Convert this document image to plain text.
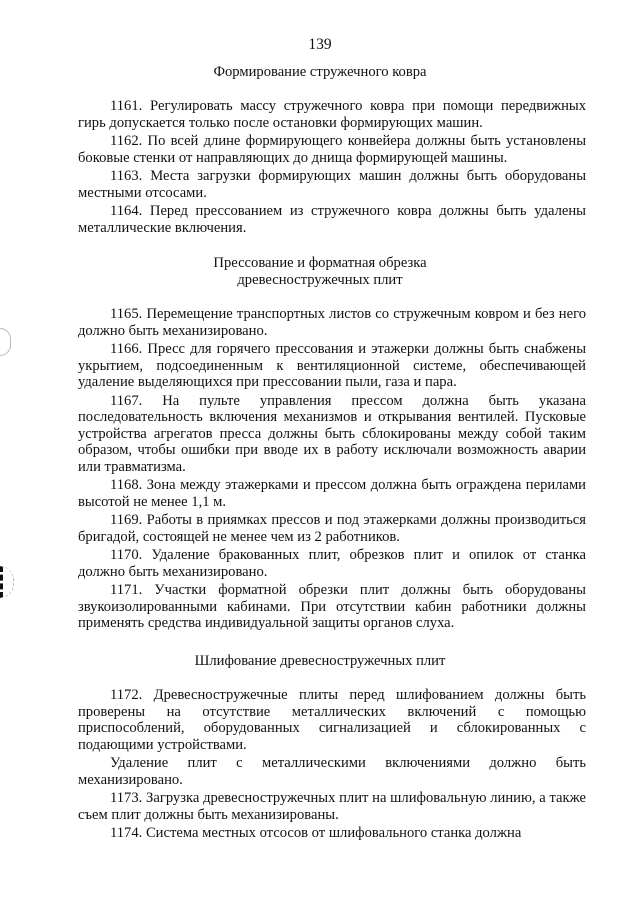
139
Формирование стружечного ковра

1161. Регулировать массу стружечного ковра при помощи передвижных гирь допускается только после остановки формирующих машин.

1162. По всей длине формирующего конвейера должны быть установлены боковые стенки от направляющих до днища формирующей машины.

1163. Места загрузки формирующих машин должны быть оборудованы местными отсосами.

1164. Перед прессованием из стружечного ковра должны быть удалены металлические включения.

Прессование и форматная обрезка
древесностружечных плит

1165. Перемещение транспортных листов со стружечным ковром и без него должно быть механизировано.

1166. Пресс для горячего прессования и этажерки должны быть снабжены укрытием, подсоединенным к вентиляционной системе, обеспечивающей удаление выделяющихся при прессовании пыли, газа и пара.

1167. На пульте управления прессом должна быть указана последовательность включения механизмов и открывания вентилей. Пусковые устройства агрегатов пресса должны быть сблокированы между собой таким образом, чтобы ошибки при вводе их в работу исключали возможность аварии или травматизма.

1168. Зона между этажерками и прессом должна быть ограждена перилами высотой не менее 1,1 м.

1169. Работы в приямках прессов и под этажерками должны производиться бригадой, состоящей не менее чем из 2 работников.

1170. Удаление бракованных плит, обрезков плит и опилок от станка должно быть механизировано.

1171. Участки форматной обрезки плит должны быть оборудованы звукоизолированными кабинами. При отсутствии кабин работники должны применять средства индивидуальной защиты органов слуха.

Шлифование древесностружечных плит

1172. Древесностружечные плиты перед шлифованием должны быть проверены на отсутствие металлических включений с помощью приспособлений, оборудованных сигнализацией и сблокированных с подающими устройствами.

Удаление плит с металлическими включениями должно быть механизировано.

1173. Загрузка древесностружечных плит на шлифовальную линию, а также съем плит должны быть механизированы.

1174. Система местных отсосов от шлифовального станка должна
